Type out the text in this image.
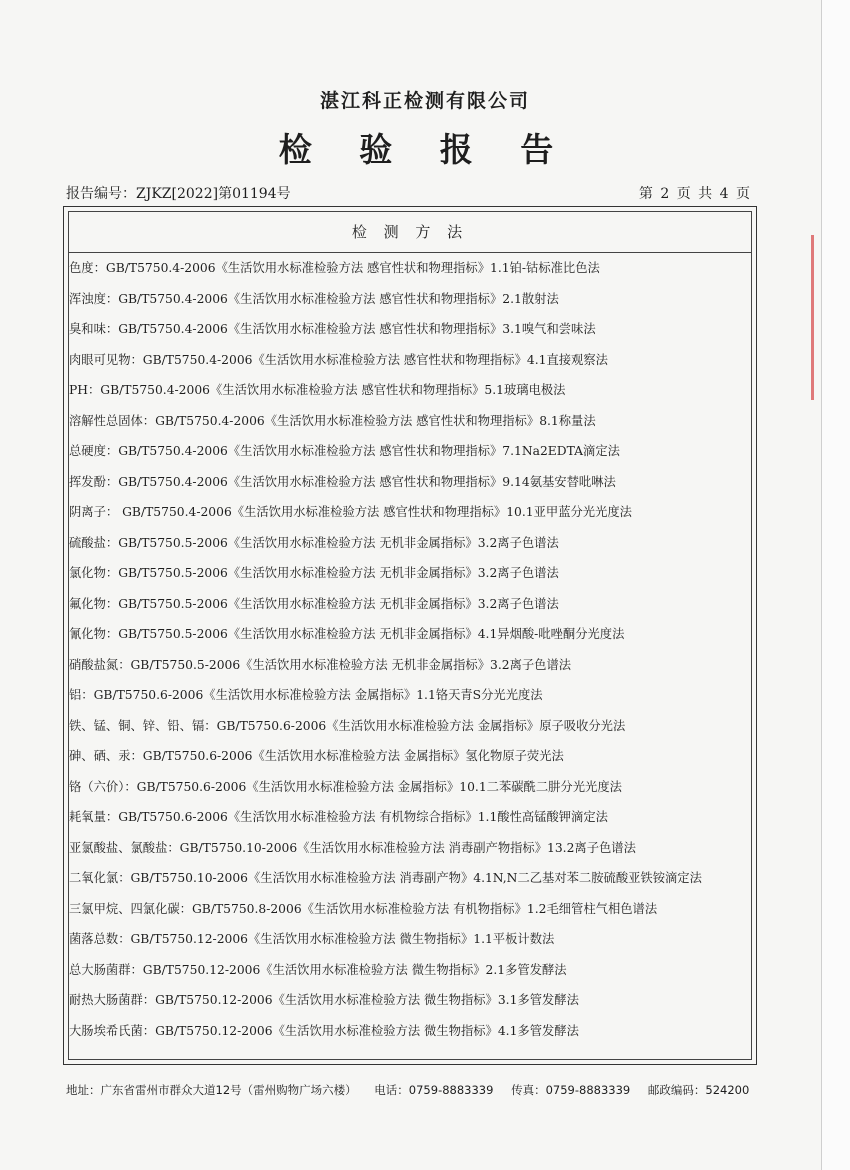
湛江科正检测有限公司
检 验 报 告
报告编号：ZJKZ[2022]第01194号	第 2 页 共 4 页
检 测 方 法
色度：GB/T5750.4-2006《生活饮用水标准检验方法 感官性状和物理指标》1.1铂-钴标准比色法
浑浊度：GB/T5750.4-2006《生活饮用水标准检验方法 感官性状和物理指标》2.1散射法
臭和味：GB/T5750.4-2006《生活饮用水标准检验方法 感官性状和物理指标》3.1嗅气和尝味法
肉眼可见物：GB/T5750.4-2006《生活饮用水标准检验方法 感官性状和物理指标》4.1直接观察法
PH：GB/T5750.4-2006《生活饮用水标准检验方法 感官性状和物理指标》5.1玻璃电极法
溶解性总固体：GB/T5750.4-2006《生活饮用水标准检验方法 感官性状和物理指标》8.1称量法
总硬度：GB/T5750.4-2006《生活饮用水标准检验方法 感官性状和物理指标》7.1Na2EDTA滴定法
挥发酚：GB/T5750.4-2006《生活饮用水标准检验方法 感官性状和物理指标》9.14氨基安替吡啉法
阴离子： GB/T5750.4-2006《生活饮用水标准检验方法 感官性状和物理指标》10.1亚甲蓝分光光度法
硫酸盐：GB/T5750.5-2006《生活饮用水标准检验方法 无机非金属指标》3.2离子色谱法
氯化物：GB/T5750.5-2006《生活饮用水标准检验方法 无机非金属指标》3.2离子色谱法
氟化物：GB/T5750.5-2006《生活饮用水标准检验方法 无机非金属指标》3.2离子色谱法
氰化物：GB/T5750.5-2006《生活饮用水标准检验方法 无机非金属指标》4.1异烟酸-吡唑酮分光度法
硝酸盐氮：GB/T5750.5-2006《生活饮用水标准检验方法 无机非金属指标》3.2离子色谱法
铝：GB/T5750.6-2006《生活饮用水标准检验方法 金属指标》1.1铬天青S分光光度法
铁、锰、铜、锌、铅、镉：GB/T5750.6-2006《生活饮用水标准检验方法 金属指标》原子吸收分光法
砷、硒、汞：GB/T5750.6-2006《生活饮用水标准检验方法 金属指标》氢化物原子荧光法
铬（六价）：GB/T5750.6-2006《生活饮用水标准检验方法 金属指标》10.1二苯碳酰二肼分光光度法
耗氧量：GB/T5750.6-2006《生活饮用水标准检验方法 有机物综合指标》1.1酸性高锰酸钾滴定法
亚氯酸盐、氯酸盐：GB/T5750.10-2006《生活饮用水标准检验方法 消毒副产物指标》13.2离子色谱法
二氧化氯：GB/T5750.10-2006《生活饮用水标准检验方法 消毒副产物》4.1N,N二乙基对苯二胺硫酸亚铁铵滴定法
三氯甲烷、四氯化碳：GB/T5750.8-2006《生活饮用水标准检验方法 有机物指标》1.2毛细管柱气相色谱法
菌落总数：GB/T5750.12-2006《生活饮用水标准检验方法 微生物指标》1.1平板计数法
总大肠菌群：GB/T5750.12-2006《生活饮用水标准检验方法 微生物指标》2.1多管发酵法
耐热大肠菌群：GB/T5750.12-2006《生活饮用水标准检验方法 微生物指标》3.1多管发酵法
大肠埃希氏菌：GB/T5750.12-2006《生活饮用水标准检验方法 微生物指标》4.1多管发酵法
地址：广东省雷州市群众大道12号（雷州购物广场六楼） 电话：0759-8883339 传真：0759-8883339 邮政编码：524200
